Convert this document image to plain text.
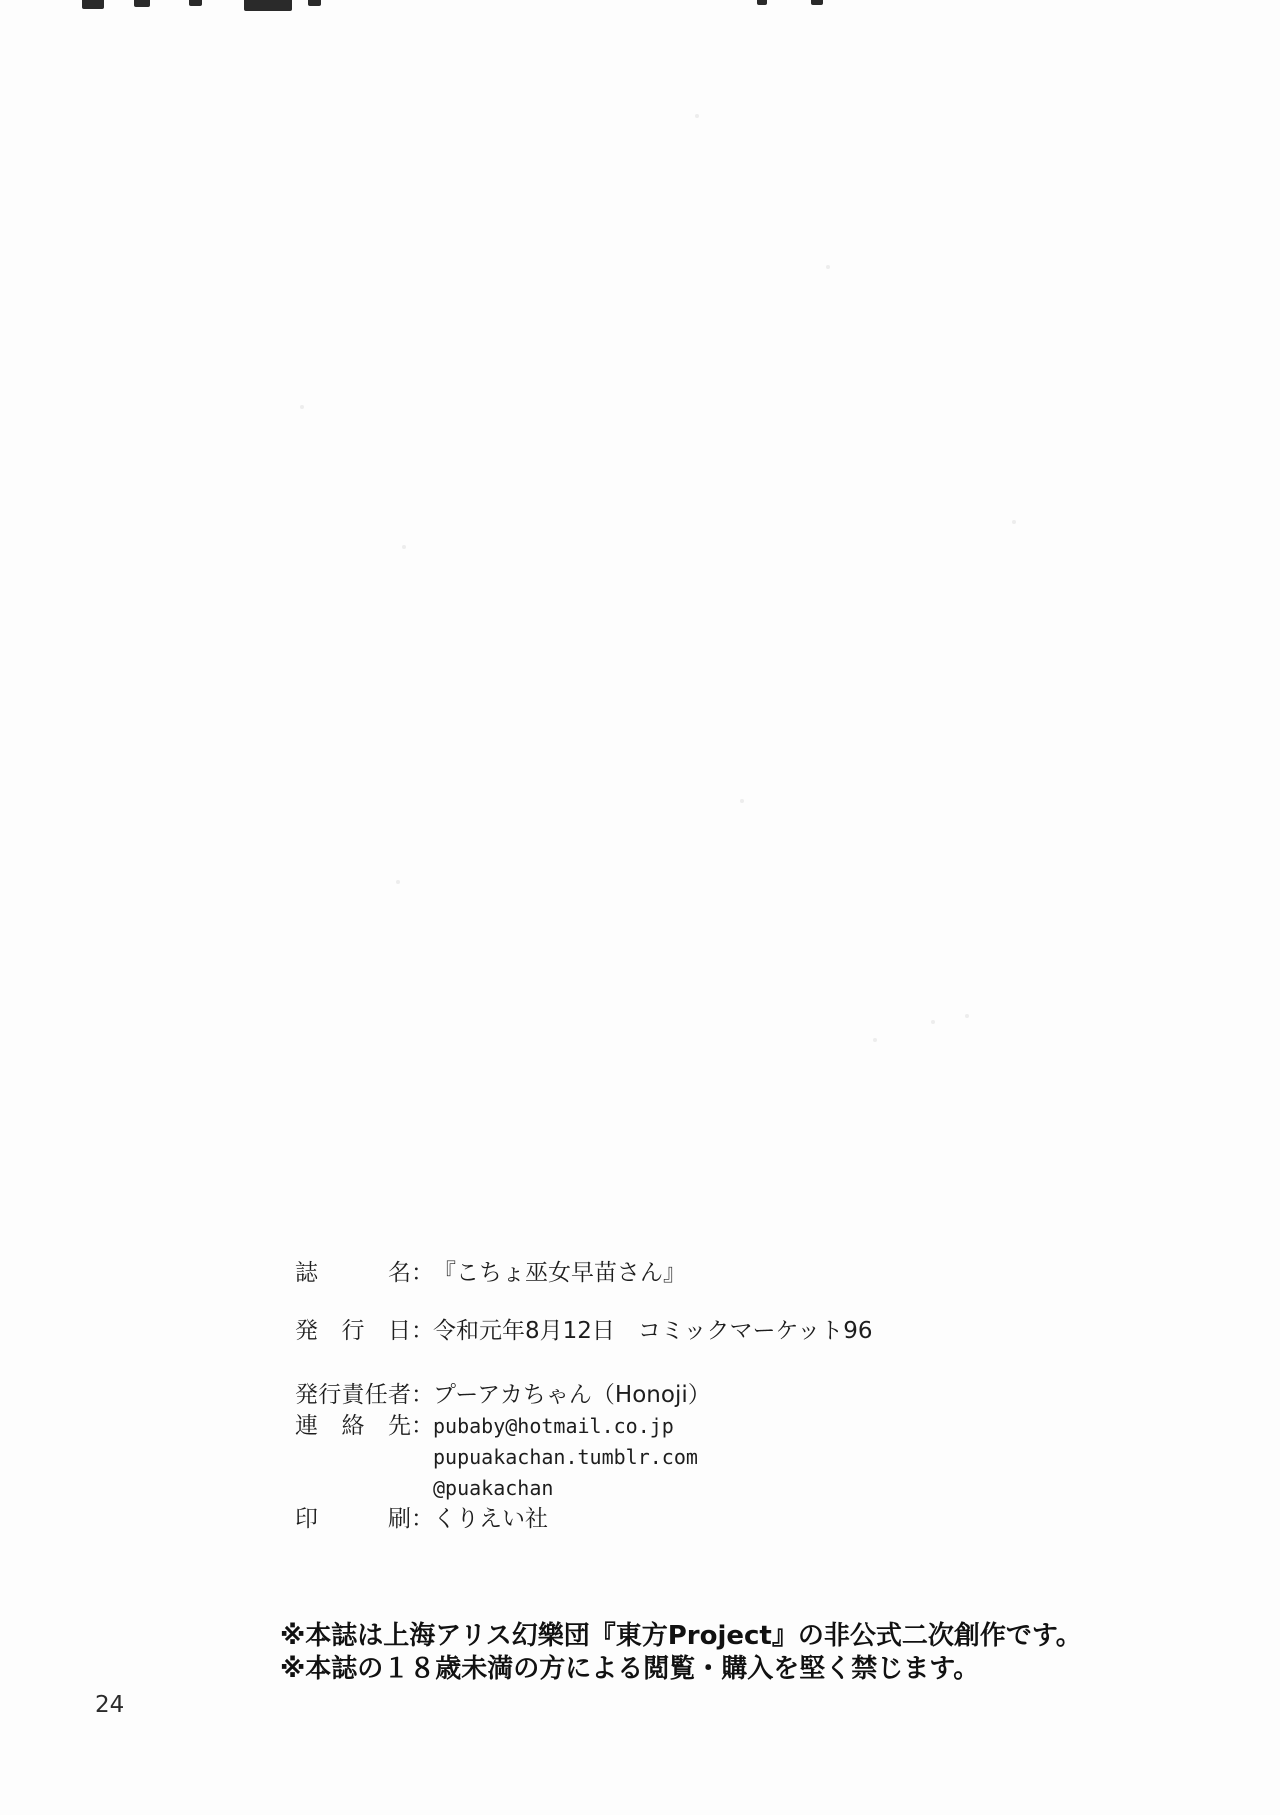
誌名：『こちょ巫女早苗さん』
発行日：令和元年8月12日　コミックマーケット96
発行責任者：プーアカちゃん（Honoji）
連絡先：pubaby@hotmail.co.jp
pupuakachan.tumblr.com
@puakachan
印刷：くりえい社
※本誌は上海アリス幻樂団『東方Project』の非公式二次創作です。
※本誌の１８歳未満の方による閲覧・購入を堅く禁じます。
24
